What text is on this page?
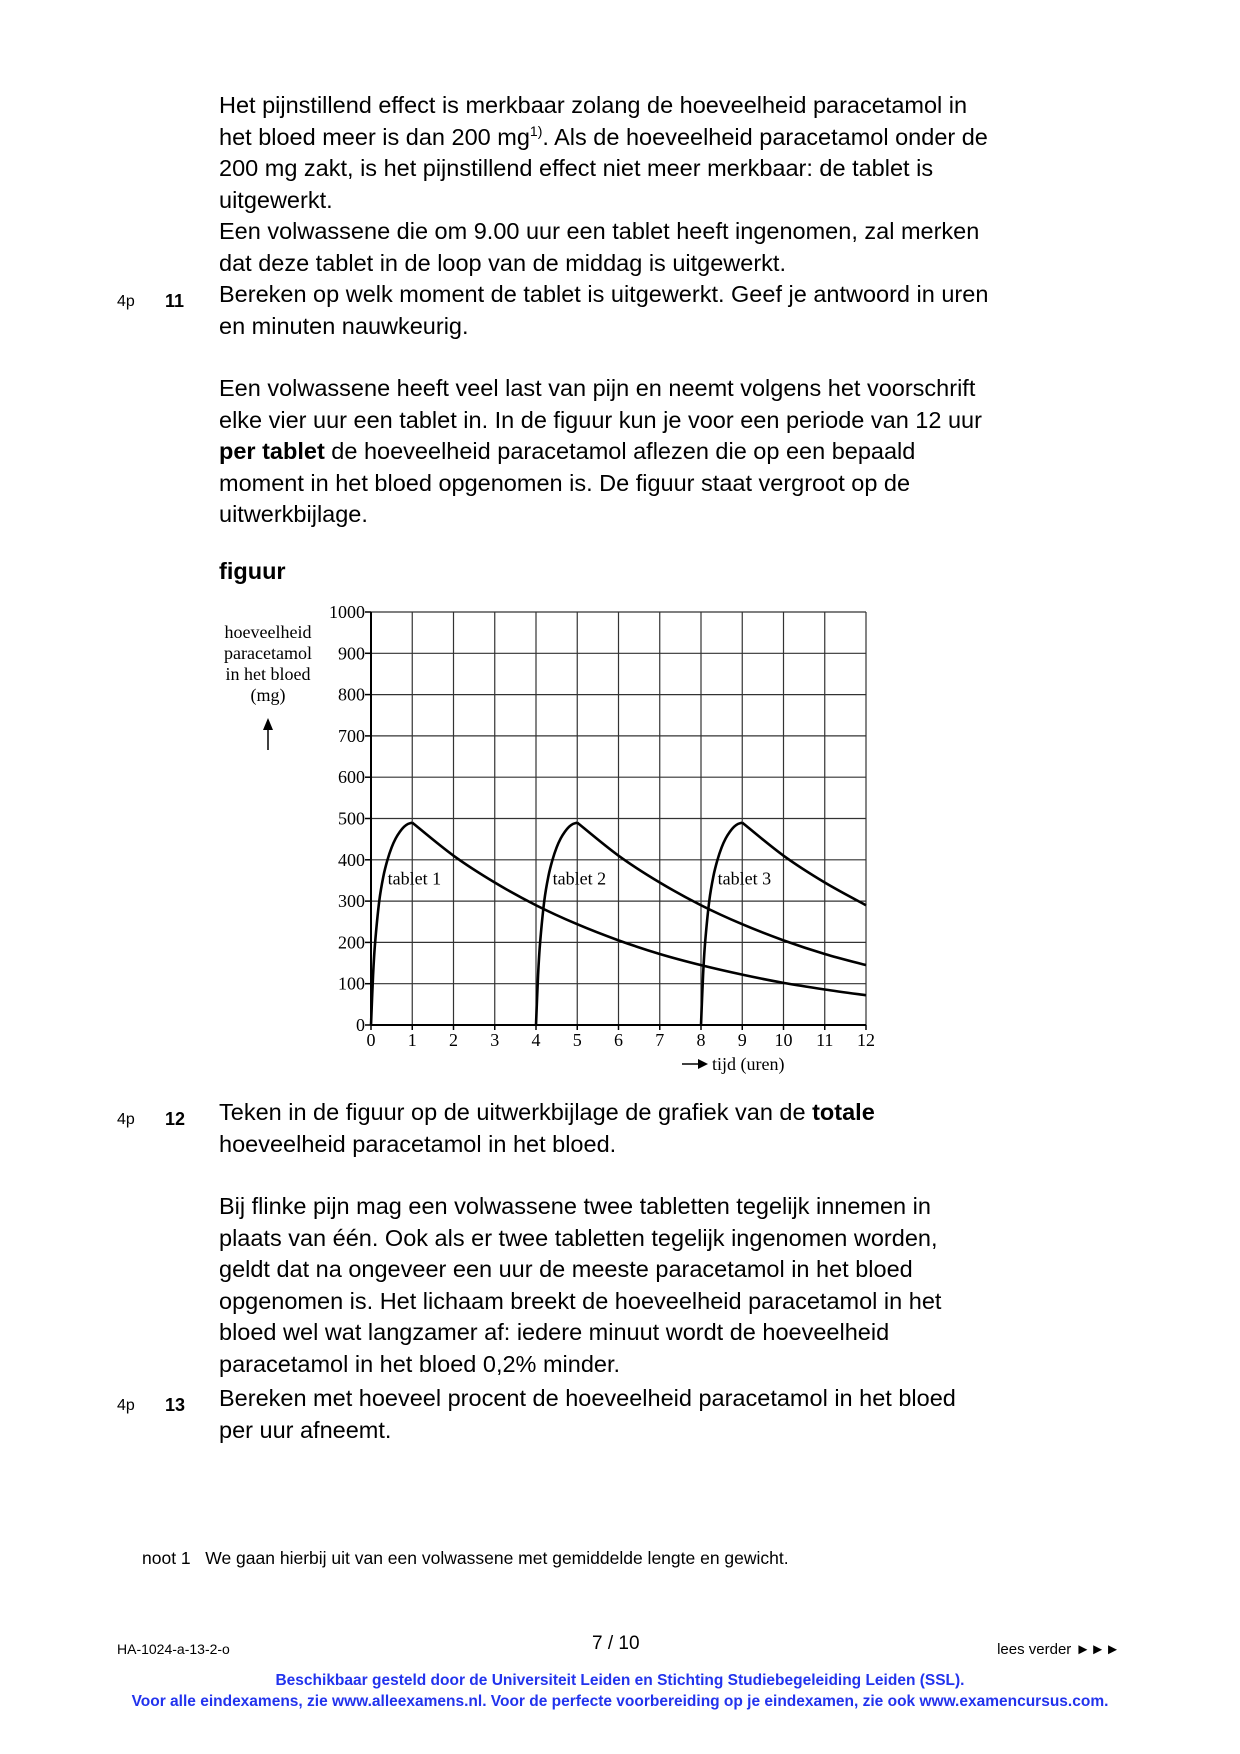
Het pijnstillend effect is merkbaar zolang de hoeveelheid paracetamol in

het bloed meer is dan 200 $mg^{1)}$. Als de hoeveelheid paracetamol onder de

200 mg zakt, is het pijnstillend effect niet meer merkbaar: de tablet is

uitgewerkt.

Een volwassene die om 9.00 uur een tablet heeft ingenomen, zal merken

dat deze tablet in de loop van de middag is uitgewerkt.

4p 11 Bereken op welk moment de tablet is uitgewerkt. Geef je antwoord in uren

en minuten nauwkeurig.

Een volwassene heeft veel last van pijn en neemt volgens het voorschrift

elke vier uur een tablet in. In de figuur kun je voor een periode van 12 uur

per tablet de hoeveelheid paracetamol aflezen die op een bepaald

moment in het bloed opgenomen is. De figuur staat vergroot op de

uitwerkbijlage.

figuur
hoeveelheid
paracetamol
in het bloed
(mg)
0
100
200
300
400
500
600
700
800
900
1000
0 1 2 3 4 5 6 7 8 9 10 11 12
tablet 1	tablet 2	tablet 3
tijd (uren)
4p 12 Teken in de figuur op de uitwerkbijlage de grafiek van de totale

hoeveelheid paracetamol in het bloed.

Bij flinke pijn mag een volwassene twee tabletten tegelijk innemen in

plaats van één. Ook als er twee tabletten tegelijk ingenomen worden,

geldt dat na ongeveer een uur de meeste paracetamol in het bloed

opgenomen is. Het lichaam breekt de hoeveelheid paracetamol in het

bloed wel wat langzamer af: iedere minuut wordt de hoeveelheid

paracetamol in het bloed 0,2% minder.

4p 13 Bereken met hoeveel procent de hoeveelheid paracetamol in het bloed

per uur afneemt.

noot 1 We gaan hierbij uit van een volwassene met gemiddelde lengte en gewicht.
HA-1024-a-13-2-o	7 / 10	lees verder ►►►
Beschikbaar gesteld door de Universiteit Leiden en Stichting Studiebegeleiding Leiden (SSL).
Voor alle eindexamens, zie www.alleexamens.nl. Voor de perfecte voorbereiding op je eindexamen, zie ook www.examencursus.com.
